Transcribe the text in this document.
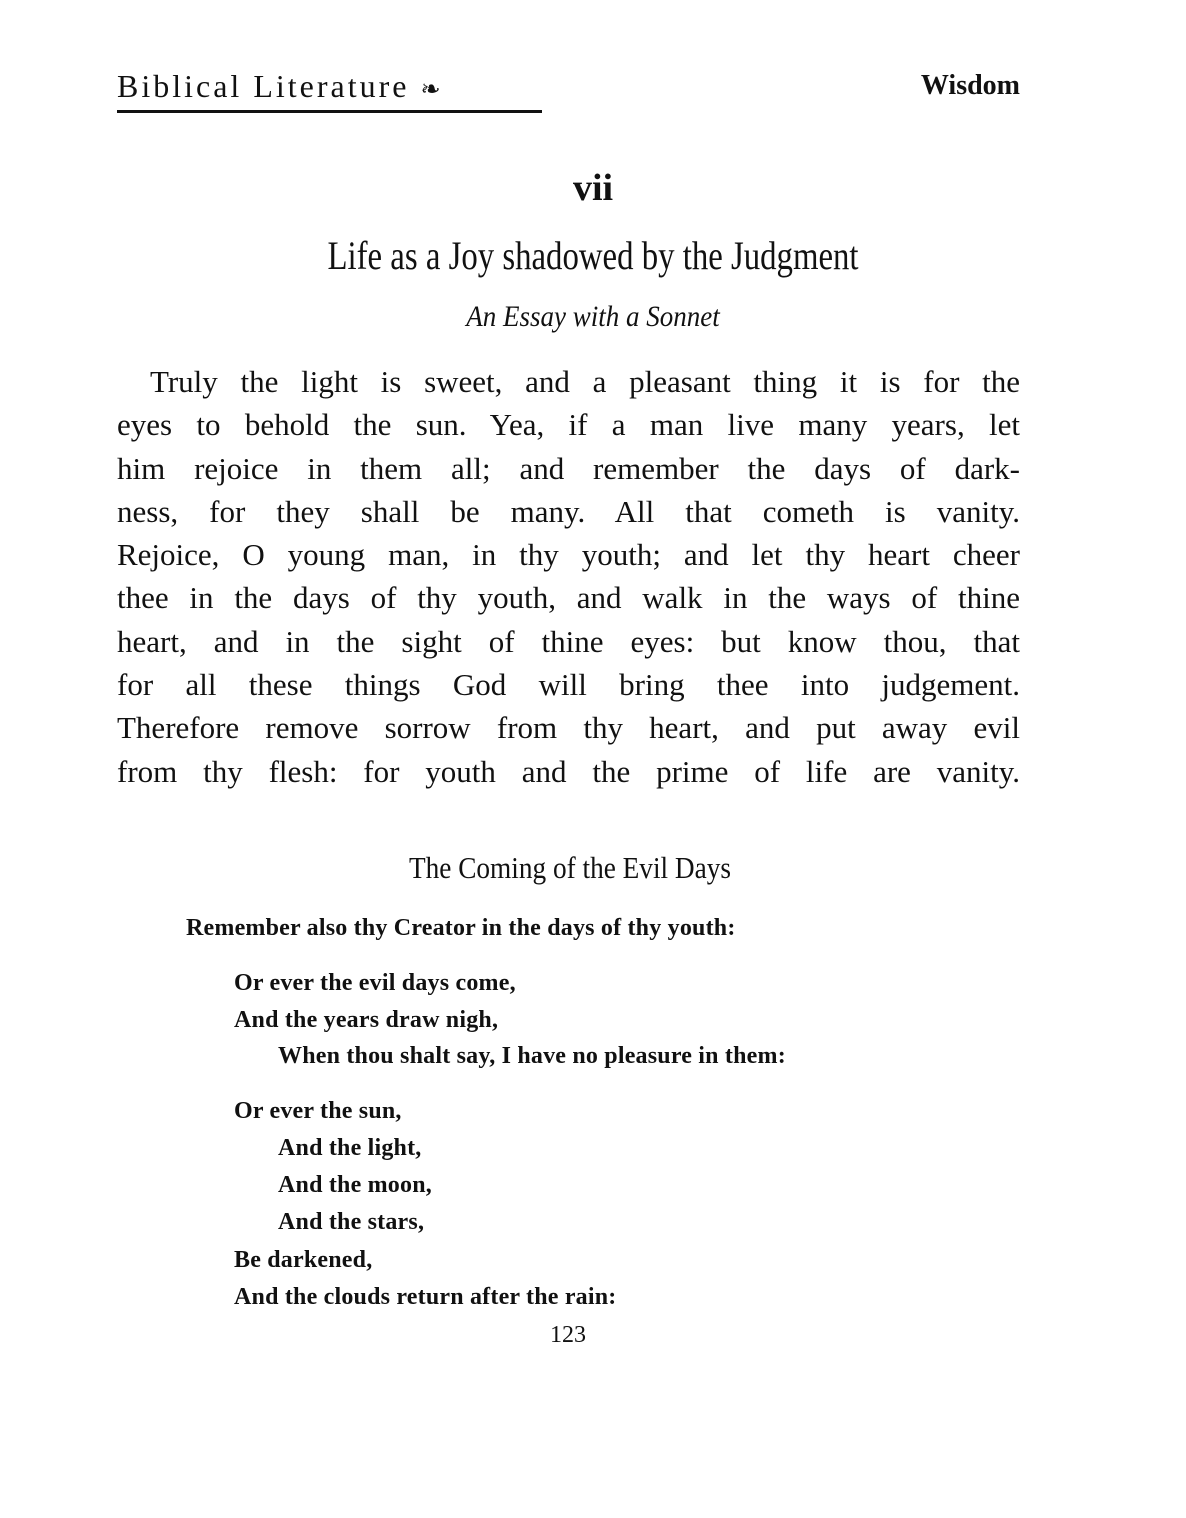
Biblical Literature ❧	Wisdom
vii
Life as a Joy shadowed by the Judgment
An Essay with a Sonnet
Truly the light is sweet, and a pleasant thing it is for the
eyes to behold the sun. Yea, if a man live many years, let
him rejoice in them all; and remember the days of dark-
ness, for they shall be many. All that cometh is vanity.
Rejoice, O young man, in thy youth; and let thy heart cheer
thee in the days of thy youth, and walk in the ways of thine
heart, and in the sight of thine eyes: but know thou, that
for all these things God will bring thee into judgement.
Therefore remove sorrow from thy heart, and put away evil
from thy flesh: for youth and the prime of life are vanity.
The Coming of the Evil Days
Remember also thy Creator in the days of thy youth:
Or ever the evil days come,
And the years draw nigh,
When thou shalt say, I have no pleasure in them:
Or ever the sun,
And the light,
And the moon,
And the stars,
Be darkened,
And the clouds return after the rain:
123
